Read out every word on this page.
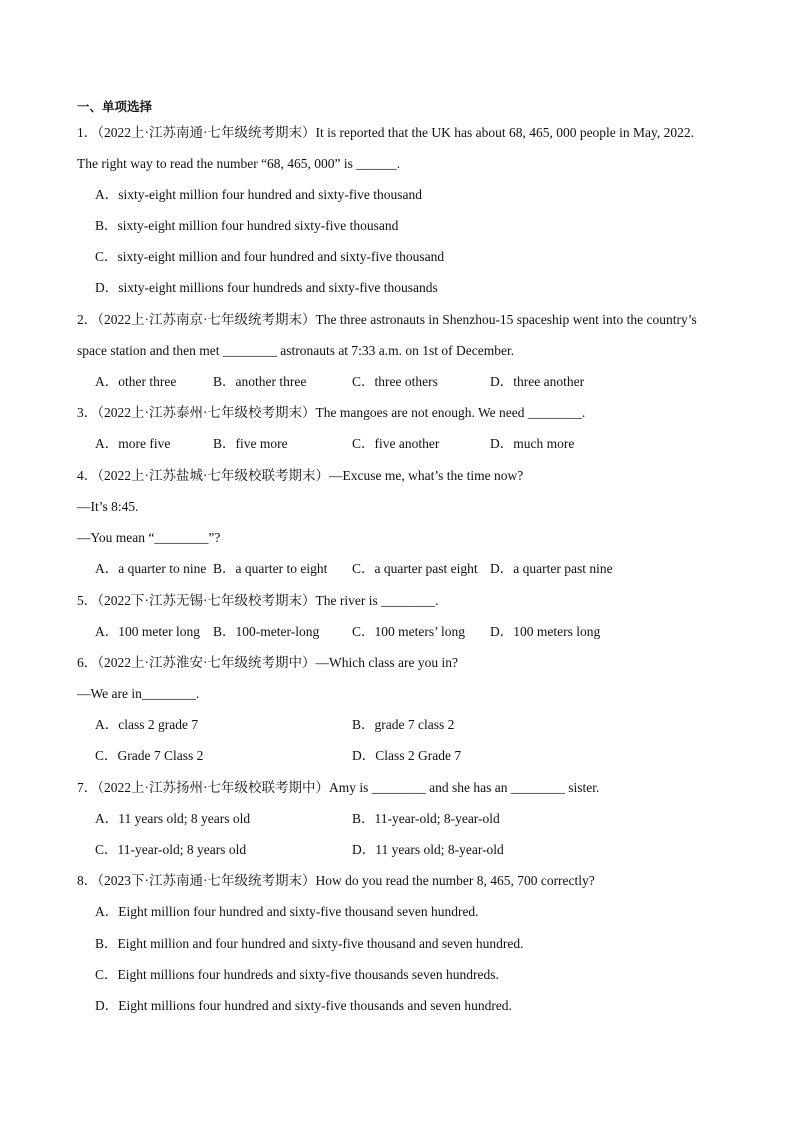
一、单项选择
1．（2022上·江苏南通·七年级统考期末）It is reported that the UK has about 68, 465, 000 people in May, 2022.
The right way to read the number “68, 465, 000” is ______.
A．sixty-eight million four hundred and sixty-five thousand
B．sixty-eight million four hundred sixty-five thousand
C．sixty-eight million and four hundred and sixty-five thousand
D．sixty-eight millions four hundreds and sixty-five thousands
2．（2022上·江苏南京·七年级统考期末）The three astronauts in Shenzhou-15 spaceship went into the country’s
space station and then met ________ astronauts at 7:33 a.m. on 1st of December.
A．other three	B．another three	C．three others	D．three another
3．（2022上·江苏泰州·七年级校考期末）The mangoes are not enough. We need ________.
A．more five	B．five more	C．five another	D．much more
4．（2022上·江苏盐城·七年级校联考期末）—Excuse me, what’s the time now?
—It’s 8:45.
—You mean “________”?
A．a quarter to nine B．a quarter to eight C．a quarter past eight D．a quarter past nine
5．（2022下·江苏无锡·七年级校考期末）The river is ________.
A．100 meter long B．100-meter-long C．100 meters’ long D．100 meters long
6．（2022上·江苏淮安·七年级统考期中）—Which class are you in?
—We are in________.
A．class 2 grade 7	B．grade 7 class 2
C．Grade 7 Class 2	D．Class 2 Grade 7
7．（2022上·江苏扬州·七年级校联考期中）Amy is ________ and she has an ________ sister.
A．11 years old; 8 years old	B．11-year-old; 8-year-old
C．11-year-old; 8 years old	D．11 years old; 8-year-old
8．（2023下·江苏南通·七年级统考期末）How do you read the number 8, 465, 700 correctly?
A．Eight million four hundred and sixty-five thousand seven hundred.
B．Eight million and four hundred and sixty-five thousand and seven hundred.
C．Eight millions four hundreds and sixty-five thousands seven hundreds.
D．Eight millions four hundred and sixty-five thousands and seven hundred.
